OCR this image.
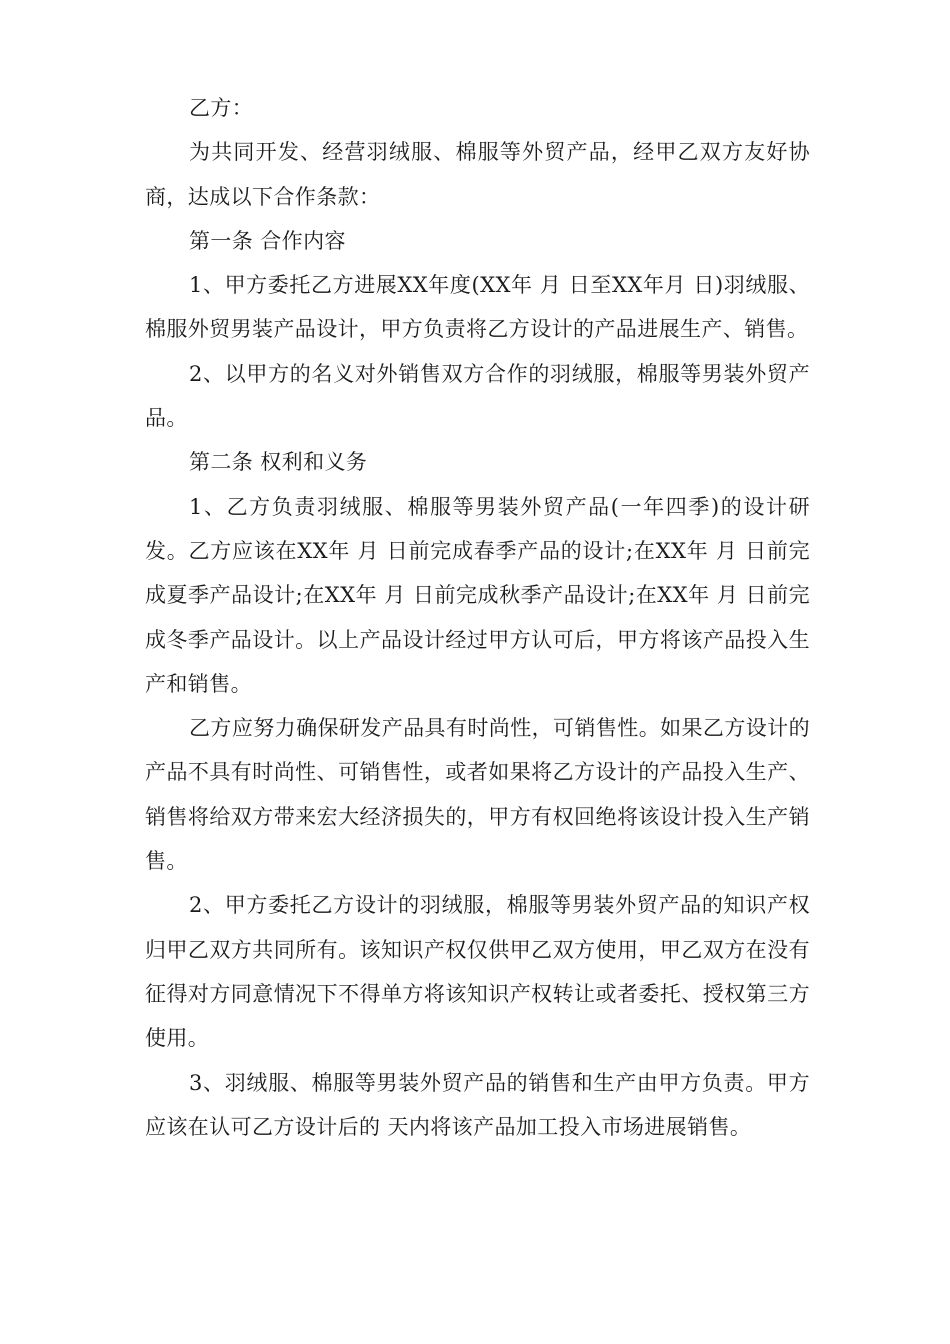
乙方：

为共同开发、经营羽绒服、棉服等外贸产品，经甲乙双方友好协商，达成以下合作条款：

第一条 合作内容

1、甲方委托乙方进展XX年度(XX年 月 日至XX年月 日)羽绒服、棉服外贸男装产品设计，甲方负责将乙方设计的产品进展生产、销售。

2、以甲方的名义对外销售双方合作的羽绒服，棉服等男装外贸产品。

第二条 权利和义务

1、乙方负责羽绒服、棉服等男装外贸产品(一年四季)的设计研发。乙方应该在XX年 月 日前完成春季产品的设计;在XX年 月 日前完成夏季产品设计;在XX年 月 日前完成秋季产品设计;在XX年 月 日前完成冬季产品设计。以上产品设计经过甲方认可后，甲方将该产品投入生产和销售。

乙方应努力确保研发产品具有时尚性，可销售性。如果乙方设计的产品不具有时尚性、可销售性，或者如果将乙方设计的产品投入生产、销售将给双方带来宏大经济损失的，甲方有权回绝将该设计投入生产销售。

2、甲方委托乙方设计的羽绒服，棉服等男装外贸产品的知识产权归甲乙双方共同所有。该知识产权仅供甲乙双方使用，甲乙双方在没有征得对方同意情况下不得单方将该知识产权转让或者委托、授权第三方使用。

3、羽绒服、棉服等男装外贸产品的销售和生产由甲方负责。甲方应该在认可乙方设计后的 天内将该产品加工投入市场进展销售。
